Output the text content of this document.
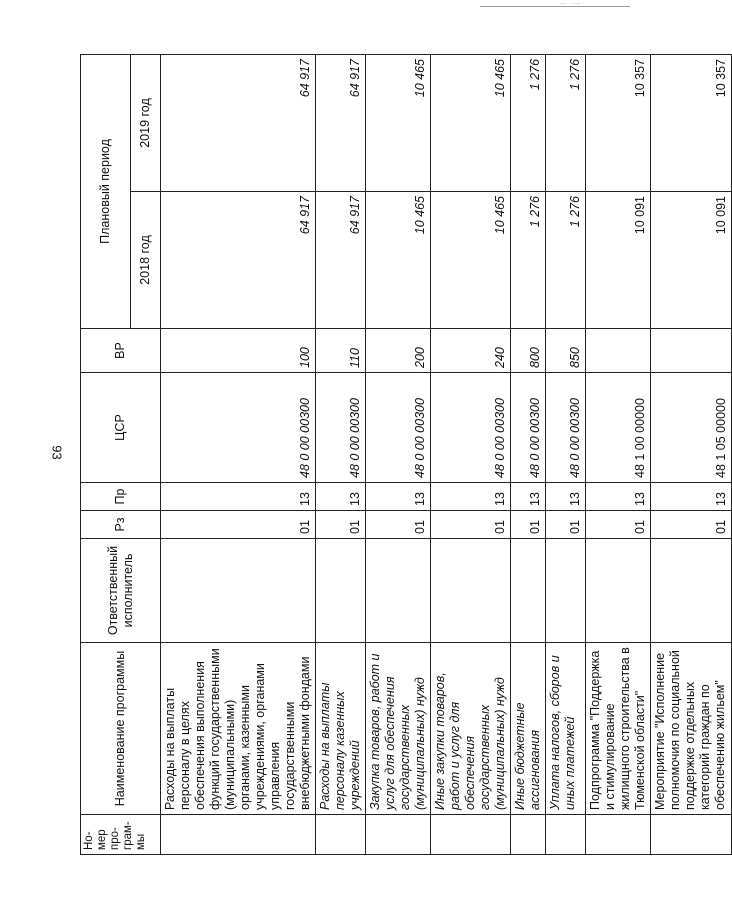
— · — ·
93
Но-мер про-грам-мы	Наименование программы	Ответственный исполнитель	Рз	Пр	ЦСР	ВР	Плановый период	
							2018 год	2019 год
	Расходы на выплаты персоналу в целях обеспечения выполнения функций государственными (муниципальными) органами, казенными учреждениями, органами управления государственными внебюджетными фондами		01	13	48 0 00 00300	100	64 917	64 917
	Расходы на выплаты персоналу казенных учреждений		01	13	48 0 00 00300	110	64 917	64 917
	Закупка товаров, работ и услуг для обеспечения государственных (муниципальных) нужд		01	13	48 0 00 00300	200	10 465	10 465
	Иные закупки товаров, работ и услуг для обеспечения государственных (муниципальных) нужд		01	13	48 0 00 00300	240	10 465	10 465
	Иные бюджетные ассигнования		01	13	48 0 00 00300	800	1 276	1 276
	Уплата налогов, сборов и иных платежей		01	13	48 0 00 00300	850	1 276	1 276
	Подпрограмма "Поддержка и стимулирование жилищного строительства в Тюменской области"		01	13	48 1 00 00000		10 091	10 357
	Мероприятие "Исполнение полномочия по социальной поддержке отдельных категорий граждан по обеспечению жильем"		01	13	48 1 05 00000		10 091	10 357
